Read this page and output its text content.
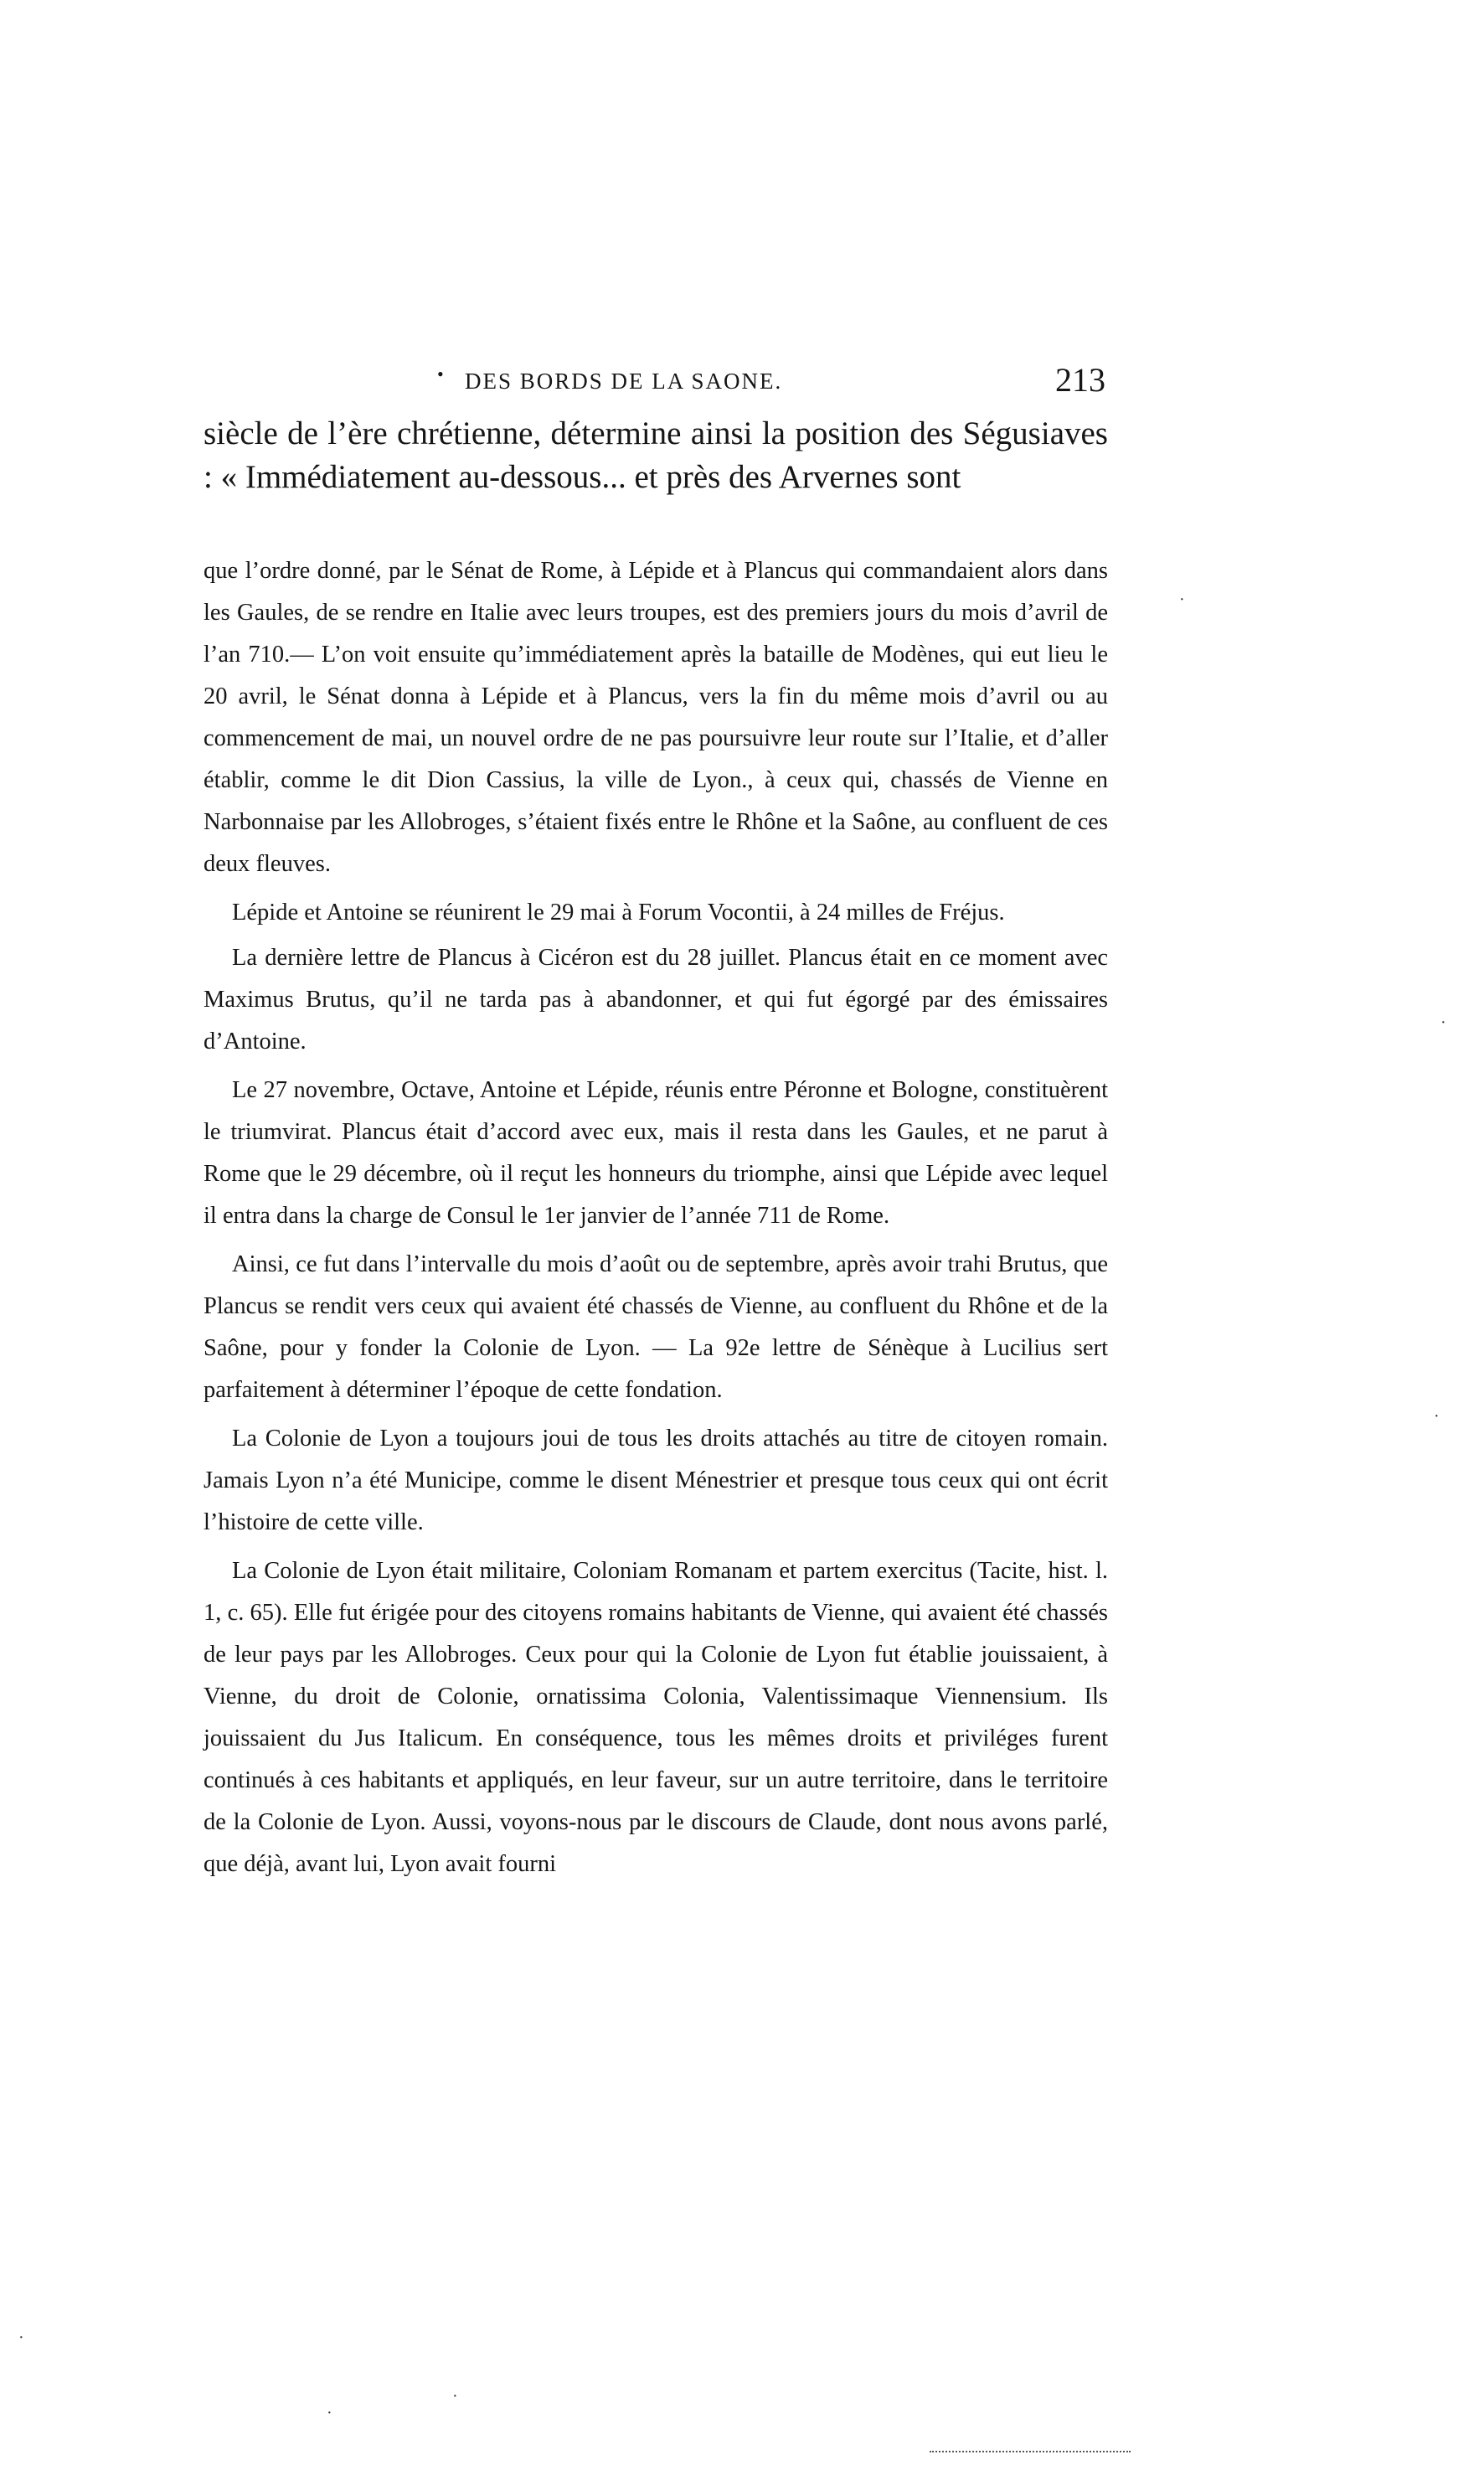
• DES BORDS DE LA SAONE.	213

siècle de l’ère chrétienne, détermine ainsi la position des Ségusiaves : « Immédiatement au-dessous... et près des Arvernes sont

que l’ordre donné, par le Sénat de Rome, à Lépide et à Plancus qui commandaient alors dans les Gaules, de se rendre en Italie avec leurs troupes, est des premiers jours du mois d’avril de l’an 710.— L’on voit ensuite qu’immédiatement après la bataille de Modènes, qui eut lieu le 20 avril, le Sénat donna à Lépide et à Plancus, vers la fin du même mois d’avril ou au commencement de mai, un nouvel ordre de ne pas poursuivre leur route sur l’Italie, et d’aller établir, comme le dit Dion Cassius, la ville de Lyon., à ceux qui, chassés de Vienne en Narbonnaise par les Allobroges, s’étaient fixés entre le Rhône et la Saône, au confluent de ces deux fleuves.

Lépide et Antoine se réunirent le 29 mai à Forum Vocontii, à 24 milles de Fréjus.

La dernière lettre de Plancus à Cicéron est du 28 juillet. Plancus était en ce moment avec Maximus Brutus, qu’il ne tarda pas à abandonner, et qui fut égorgé par des émissaires d’Antoine.

Le 27 novembre, Octave, Antoine et Lépide, réunis entre Péronne et Bologne, constituèrent le triumvirat. Plancus était d’accord avec eux, mais il resta dans les Gaules, et ne parut à Rome que le 29 décembre, où il reçut les honneurs du triomphe, ainsi que Lépide avec lequel il entra dans la charge de Consul le 1er janvier de l’année 711 de Rome.

Ainsi, ce fut dans l’intervalle du mois d’août ou de septembre, après avoir trahi Brutus, que Plancus se rendit vers ceux qui avaient été chassés de Vienne, au confluent du Rhône et de la Saône, pour y fonder la Colonie de Lyon. — La 92e lettre de Sénèque à Lucilius sert parfaitement à déterminer l’époque de cette fondation.

La Colonie de Lyon a toujours joui de tous les droits attachés au titre de citoyen romain. Jamais Lyon n’a été Municipe, comme le disent Ménestrier et presque tous ceux qui ont écrit l’histoire de cette ville.

La Colonie de Lyon était militaire, Coloniam Romanam et partem exercitus (Tacite, hist. l. 1, c. 65). Elle fut érigée pour des citoyens romains habitants de Vienne, qui avaient été chassés de leur pays par les Allobroges. Ceux pour qui la Colonie de Lyon fut établie jouissaient, à Vienne, du droit de Colonie, ornatissima Colonia, Valentissimaque Viennensium. Ils jouissaient du Jus Italicum. En conséquence, tous les mêmes droits et priviléges furent continués à ces habitants et appliqués, en leur faveur, sur un autre territoire, dans le territoire de la Colonie de Lyon. Aussi, voyons-nous par le discours de Claude, dont nous avons parlé, que déjà, avant lui, Lyon avait fourni

·
·
·
·
·
·
